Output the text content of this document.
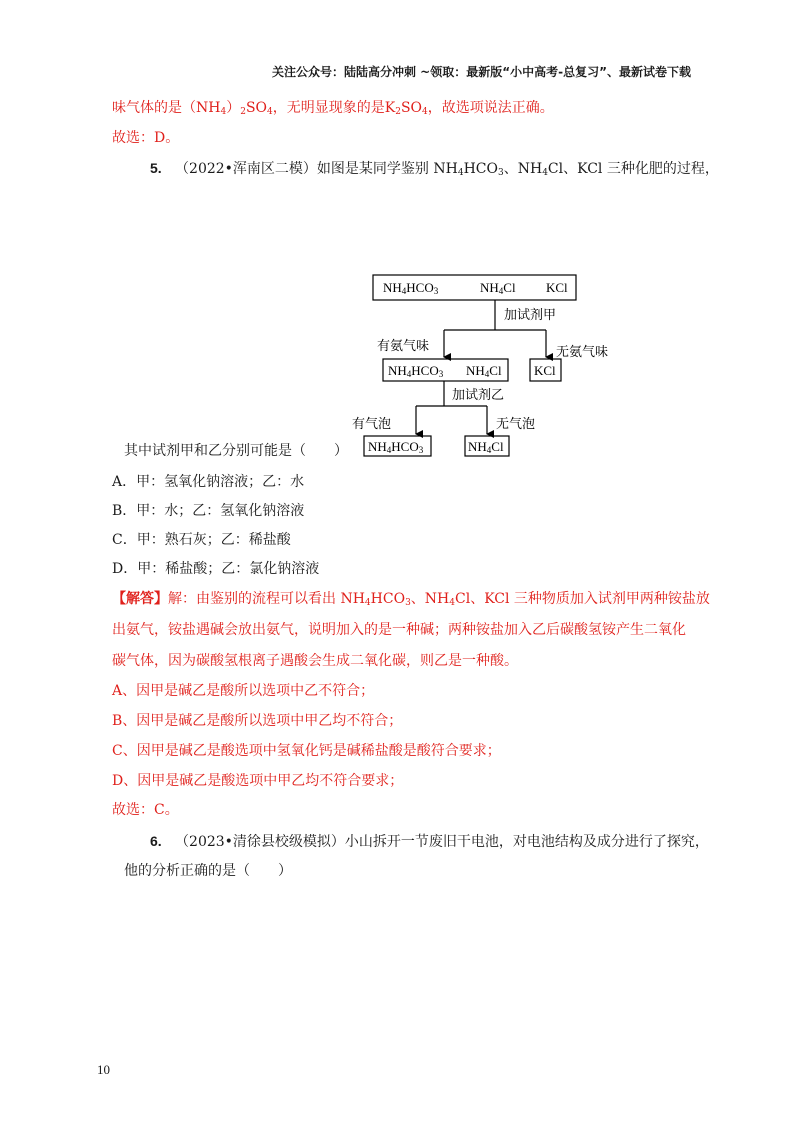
关注公众号：陆陆高分冲刺 ~领取：最新版“小中高考-总复习”、最新试卷下载
味气体的是$(NH_4)_2SO_4$，无明显现象的是$K_2SO_4$，故选项说法正确。
故选：D。
5. （2022•浑南区二模）如图是某同学鉴别 $NH_4HCO_3$、$NH_4Cl$、KCl 三种化肥的过程，
NH4HCO3	NH4Cl KCl
加试剂甲
有氨气味	无氨气味
NH4HCO3 NH4Cl KCl
加试剂乙
有气泡	无气泡
NH4HCO3	NH4Cl
其中试剂甲和乙分别可能是（　　）
A．甲：氢氧化钠溶液；乙：水
B．甲：水；乙：氢氧化钠溶液
C．甲：熟石灰；乙：稀盐酸
D．甲：稀盐酸；乙：氯化钠溶液
【解答】解：由鉴别的流程可以看出 $NH_4HCO_3$、$NH_4Cl$、KCl 三种物质加入试剂甲两种铵盐放
出氨气，铵盐遇碱会放出氨气，说明加入的是一种碱；两种铵盐加入乙后碳酸氢铵产生二氧化
碳气体，因为碳酸氢根离子遇酸会生成二氧化碳，则乙是一种酸。
A、因甲是碱乙是酸所以选项中乙不符合；
B、因甲是碱乙是酸所以选项中甲乙均不符合；
C、因甲是碱乙是酸选项中氢氧化钙是碱稀盐酸是酸符合要求；
D、因甲是碱乙是酸选项中甲乙均不符合要求；
故选：C。
6. （2023•清徐县校级模拟）小山拆开一节废旧干电池，对电池结构及成分进行了探究，
他的分析正确的是（　　）
10
